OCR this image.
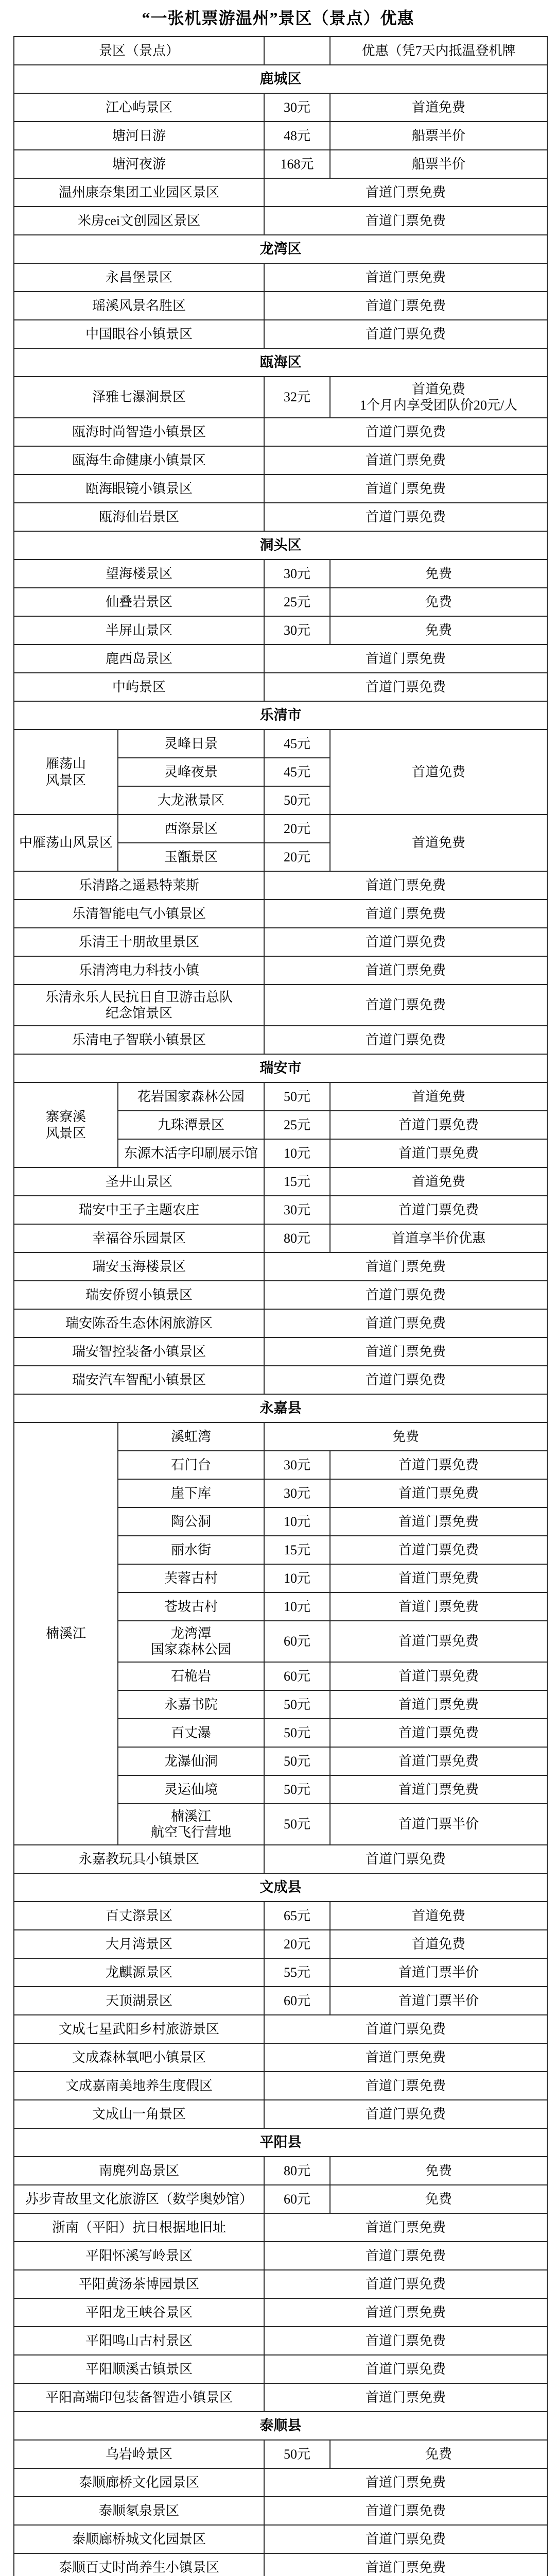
“一张机票游温州”景区（景点）优惠
景区（景点）			优惠（凭7天内抵温登机牌
鹿城区			
江心屿景区		30元	首道免费
塘河日游		48元	船票半价
塘河夜游		168元	船票半价
温州康奈集团工业园区景区		首道门票免费	
米房cei文创园区景区		首道门票免费	
龙湾区			
永昌堡景区		首道门票免费	
瑶溪风景名胜区		首道门票免费	
中国眼谷小镇景区		首道门票免费	
瓯海区			
泽雅七瀑涧景区		32元	首道免费
1个月内享受团队价20元/人
瓯海时尚智造小镇景区		首道门票免费	
瓯海生命健康小镇景区		首道门票免费	
瓯海眼镜小镇景区		首道门票免费	
瓯海仙岩景区		首道门票免费	
洞头区			
望海楼景区		30元	免费
仙叠岩景区		25元	免费
半屏山景区		30元	免费
鹿西岛景区		首道门票免费	
中屿景区		首道门票免费	
乐清市			
雁荡山
风景区	灵峰日景	45元	首道免费
	灵峰夜景	45元	
	大龙湫景区	50元	
中雁荡山风景区	西漈景区	20元	首道免费
	玉甑景区	20元	
乐清路之遥悬特莱斯		首道门票免费	
乐清智能电气小镇景区		首道门票免费	
乐清王十朋故里景区		首道门票免费	
乐清湾电力科技小镇		首道门票免费	
乐清永乐人民抗日自卫游击总队
纪念馆景区		首道门票免费	
乐清电子智联小镇景区		首道门票免费	
瑞安市			
寨寮溪
风景区	花岩国家森林公园	50元	首道免费
	九珠潭景区	25元	首道门票免费
	东源木活字印刷展示馆	10元	首道门票免费
圣井山景区		15元	首道免费
瑞安中王子主题农庄		30元	首道门票免费
幸福谷乐园景区		80元	首道享半价优惠
瑞安玉海楼景区		首道门票免费	
瑞安侨贸小镇景区		首道门票免费	
瑞安陈岙生态休闲旅游区		首道门票免费	
瑞安智控装备小镇景区		首道门票免费	
瑞安汽车智配小镇景区		首道门票免费	
永嘉县			
楠溪江	溪虹湾	免费	
	石门台	30元	首道门票免费
	崖下库	30元	首道门票免费
	陶公洞	10元	首道门票免费
	丽水街	15元	首道门票免费
	芙蓉古村	10元	首道门票免费
	苍坡古村	10元	首道门票免费
	龙湾潭
国家森林公园	60元	首道门票免费
	石桅岩	60元	首道门票免费
	永嘉书院	50元	首道门票免费
	百丈瀑	50元	首道门票免费
	龙瀑仙洞	50元	首道门票免费
	灵运仙境	50元	首道门票免费
	楠溪江
航空飞行营地	50元	首道门票半价
永嘉教玩具小镇景区		首道门票免费	
文成县			
百丈漈景区		65元	首道免费
大月湾景区		20元	首道免费
龙麒源景区		55元	首道门票半价
天顶湖景区		60元	首道门票半价
文成七星武阳乡村旅游景区		首道门票免费	
文成森林氧吧小镇景区		首道门票免费	
文成嘉南美地养生度假区		首道门票免费	
文成山一角景区		首道门票免费	
平阳县			
南麂列岛景区		80元	免费
苏步青故里文化旅游区（数学奥妙馆）		60元	免费
浙南（平阳）抗日根据地旧址		首道门票免费	
平阳怀溪写岭景区		首道门票免费	
平阳黄汤茶博园景区		首道门票免费	
平阳龙王峡谷景区		首道门票免费	
平阳鸣山古村景区		首道门票免费	
平阳顺溪古镇景区		首道门票免费	
平阳高端印包装备智造小镇景区		首道门票免费	
泰顺县			
乌岩岭景区		50元	免费
泰顺廊桥文化园景区		首道门票免费	
泰顺氡泉景区		首道门票免费	
泰顺廊桥城文化园景区		首道门票免费	
泰顺百丈时尚养生小镇景区		首道门票免费	
